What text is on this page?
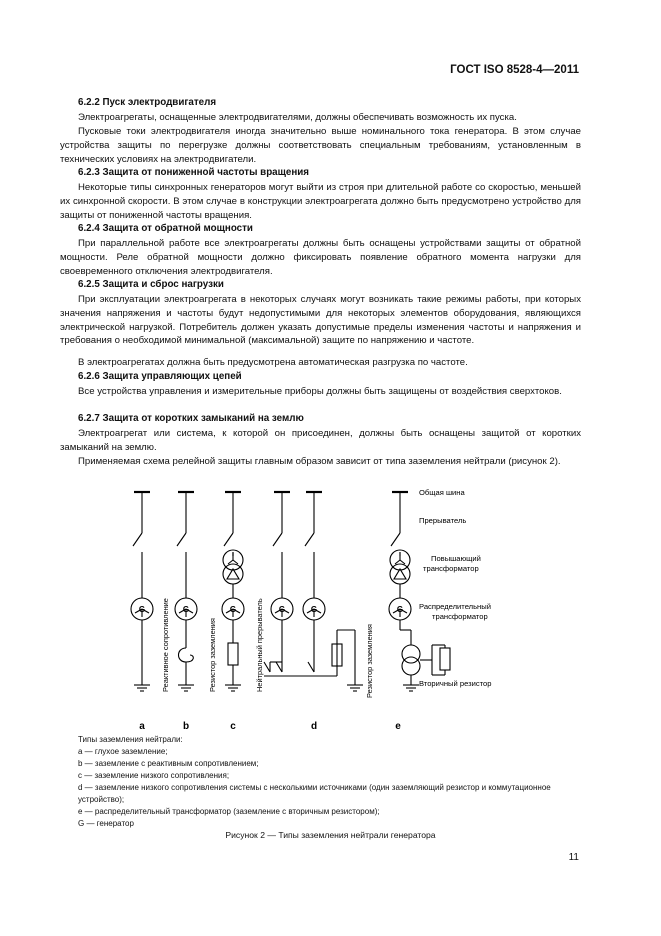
ГОСТ ISO 8528-4—2011
6.2.2 Пуск электродвигателя
Электроагрегаты, оснащенные электродвигателями, должны обеспечивать возможность их пуска.
Пусковые токи электродвигателя иногда значительно выше номинального тока генератора. В этом случае устройства защиты по перегрузке должны соответствовать специальным требованиям, установленным в технических условиях на электродвигатели.
6.2.3 Защита от пониженной частоты вращения
Некоторые типы синхронных генераторов могут выйти из строя при длительной работе со скоростью, меньшей их синхронной скорости. В этом случае в конструкции электроагрегата должно быть предусмотрено устройство для защиты от пониженной частоты вращения.
6.2.4 Защита от обратной мощности
При параллельной работе все электроагрегаты должны быть оснащены устройствами защиты от обратной мощности. Реле обратной мощности должно фиксировать появление обратного момента нагрузки для своевременного отключения электродвигателя.
6.2.5 Защита и сброс нагрузки
При эксплуатации электроагрегата в некоторых случаях могут возникать такие режимы работы, при которых значения напряжения и частоты будут недопустимыми для некоторых элементов оборудования, являющихся электрической нагрузкой. Потребитель должен указать допустимые пределы изменения частоты и напряжения и требования о необходимой минимальной (максимальной) защите по напряжению и частоте.
В электроагрегатах должна быть предусмотрена автоматическая разгрузка по частоте.
6.2.6 Защита управляющих цепей
Все устройства управления и измерительные приборы должны быть защищены от воздействия сверхтоков.
6.2.7 Защита от коротких замыканий на землю
Электроагрегат или система, к которой он присоединен, должны быть оснащены защитой от коротких замыканий на землю.
Применяемая схема релейной защиты главным образом зависит от типа заземления нейтрали (рисунок 2).
G	G
Реактивное сопротивление	G
Резистор заземления
G	G
Нейтральный прерыватель	Резистор заземления
G
Общая шина
Прерыватель
Повышающий
трансформатор
Распределительный
трансформатор
Вторичный резистор
a	b	c	d	e
Типы заземления нейтрали:
a — глухое заземление;
b — заземление с реактивным сопротивлением;
c — заземление низкого сопротивления;
d — заземление низкого сопротивления системы с несколькими источниками (один заземляющий резистор и коммутационное устройство);
e — распределительный трансформатор (заземление с вторичным резистором);
G — генератор
Рисунок 2 — Типы заземления нейтрали генератора
11
